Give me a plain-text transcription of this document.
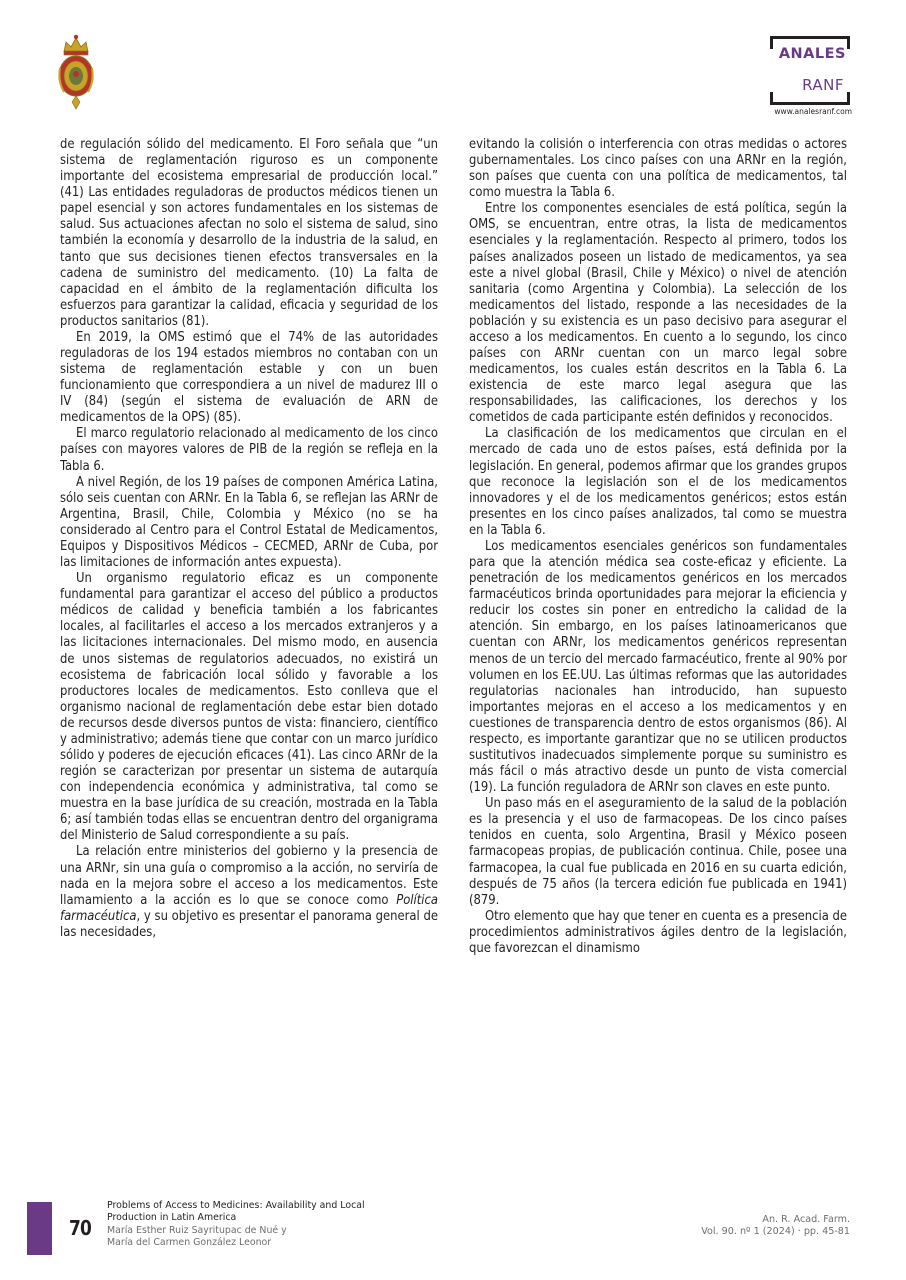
ANALES
RANF
www.analesranf.com

de regulación sólido del medicamento. El Foro señala que “un sistema de reglamentación riguroso es un componente importante del ecosistema empresarial de producción local.” (41) Las entidades reguladoras de productos médicos tienen un papel esencial y son actores fundamentales en los sistemas de salud. Sus actuaciones afectan no solo el sistema de salud, sino también la economía y desarrollo de la industria de la salud, en tanto que sus decisiones tienen efectos transversales en la cadena de suministro del medicamento. (10) La falta de capacidad en el ámbito de la reglamentación dificulta los esfuerzos para garantizar la calidad, eficacia y seguridad de los productos sanitarios (81).

En 2019, la OMS estimó que el 74% de las autoridades reguladoras de los 194 estados miembros no contaban con un sistema de reglamentación estable y con un buen funcionamiento que correspondiera a un nivel de madurez III o IV (84) (según el sistema de evaluación de ARN de medicamentos de la OPS) (85).

El marco regulatorio relacionado al medicamento de los cinco países con mayores valores de PIB de la región se refleja en la Tabla 6.

A nivel Región, de los 19 países de componen América Latina, sólo seis cuentan con ARNr. En la Tabla 6, se reflejan las ARNr de Argentina, Brasil, Chile, Colombia y México (no se ha considerado al Centro para el Control Estatal de Medicamentos, Equipos y Dispositivos Médicos – CECMED, ARNr de Cuba, por las limitaciones de información antes expuesta).

Un organismo regulatorio eficaz es un componente fundamental para garantizar el acceso del público a productos médicos de calidad y beneficia también a los fabricantes locales, al facilitarles el acceso a los mercados extranjeros y a las licitaciones internacionales. Del mismo modo, en ausencia de unos sistemas de regulatorios adecuados, no existirá un ecosistema de fabricación local sólido y favorable a los productores locales de medicamentos. Esto conlleva que el organismo nacional de reglamentación debe estar bien dotado de recursos desde diversos puntos de vista: financiero, científico y administrativo; además tiene que contar con un marco jurídico sólido y poderes de ejecución eficaces (41). Las cinco ARNr de la región se caracterizan por presentar un sistema de autarquía con independencia económica y administrativa, tal como se muestra en la base jurídica de su creación, mostrada en la Tabla 6; así también todas ellas se encuentran dentro del organigrama del Ministerio de Salud correspondiente a su país.

La relación entre ministerios del gobierno y la presencia de una ARNr, sin una guía o compromiso a la acción, no serviría de nada en la mejora sobre el acceso a los medicamentos. Este llamamiento a la acción es lo que se conoce como Política farmacéutica, y su objetivo es presentar el panorama general de las necesidades,

evitando la colisión o interferencia con otras medidas o actores gubernamentales. Los cinco países con una ARNr en la región, son países que cuenta con una política de medicamentos, tal como muestra la Tabla 6.

Entre los componentes esenciales de está política, según la OMS, se encuentran, entre otras, la lista de medicamentos esenciales y la reglamentación. Respecto al primero, todos los países analizados poseen un listado de medicamentos, ya sea este a nivel global (Brasil, Chile y México) o nivel de atención sanitaria (como Argentina y Colombia). La selección de los medicamentos del listado, responde a las necesidades de la población y su existencia es un paso decisivo para asegurar el acceso a los medicamentos. En cuento a lo segundo, los cinco países con ARNr cuentan con un marco legal sobre medicamentos, los cuales están descritos en la Tabla 6. La existencia de este marco legal asegura que las responsabilidades, las calificaciones, los derechos y los cometidos de cada participante estén definidos y reconocidos.

La clasificación de los medicamentos que circulan en el mercado de cada uno de estos países, está definida por la legislación. En general, podemos afirmar que los grandes grupos que reconoce la legislación son el de los medicamentos innovadores y el de los medicamentos genéricos; estos están presentes en los cinco países analizados, tal como se muestra en la Tabla 6.

Los medicamentos esenciales genéricos son fundamentales para que la atención médica sea coste-eficaz y eficiente. La penetración de los medicamentos genéricos en los mercados farmacéuticos brinda oportunidades para mejorar la eficiencia y reducir los costes sin poner en entredicho la calidad de la atención. Sin embargo, en los países latinoamericanos que cuentan con ARNr, los medicamentos genéricos representan menos de un tercio del mercado farmacéutico, frente al 90% por volumen en los EE.UU. Las últimas reformas que las autoridades regulatorias nacionales han introducido, han supuesto importantes mejoras en el acceso a los medicamentos y en cuestiones de transparencia dentro de estos organismos (86). Al respecto, es importante garantizar que no se utilicen productos sustitutivos inadecuados simplemente porque su suministro es más fácil o más atractivo desde un punto de vista comercial (19). La función reguladora de ARNr son claves en este punto.

Un paso más en el aseguramiento de la salud de la población es la presencia y el uso de farmacopeas. De los cinco países tenidos en cuenta, solo Argentina, Brasil y México poseen farmacopeas propias, de publicación continua. Chile, posee una farmacopea, la cual fue publicada en 2016 en su cuarta edición, después de 75 años (la tercera edición fue publicada en 1941) (879.

Otro elemento que hay que tener en cuenta es a presencia de procedimientos administrativos ágiles dentro de la legislación, que favorezcan el dinamismo

70
Problems of Access to Medicines: Availability and Local
Production in Latin America
María Esther Ruiz Sayritupac de Nué y
María del Carmen González Leonor
An. R. Acad. Farm.
Vol. 90. nº 1 (2024) · pp. 45-81
